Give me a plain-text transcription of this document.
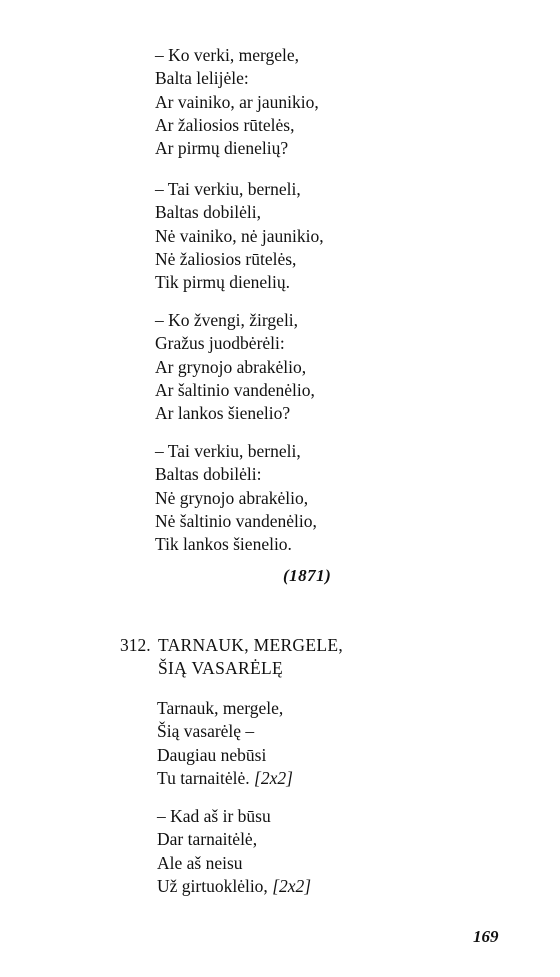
– Ko verki, mergele,
Balta lelijėle:
Ar vainiko, ar jaunikio,
Ar žaliosios rūtelės,
Ar pirmų dienelių?
– Tai verkiu, berneli,
Baltas dobilėli,
Nė vainiko, nė jaunikio,
Nė žaliosios rūtelės,
Tik pirmų dienelių.
– Ko žvengi, žirgeli,
Gražus juodbėrėli:
Ar grynojo abrakėlio,
Ar šaltinio vandenėlio,
Ar lankos šienelio?
– Tai verkiu, berneli,
Baltas dobilėli:
Nė grynojo abrakėlio,
Nė šaltinio vandenėlio,
Tik lankos šienelio.
(1871)
312. TARNAUK, MERGELE,
ŠIĄ VASARĖLĘ
Tarnauk, mergele,
Šią vasarėlę –
Daugiau nebūsi
Tu tarnaitėlė. [2x2]
– Kad aš ir būsu
Dar tarnaitėlė,
Ale aš neisu
Už girtuoklėlio, [2x2]
169
